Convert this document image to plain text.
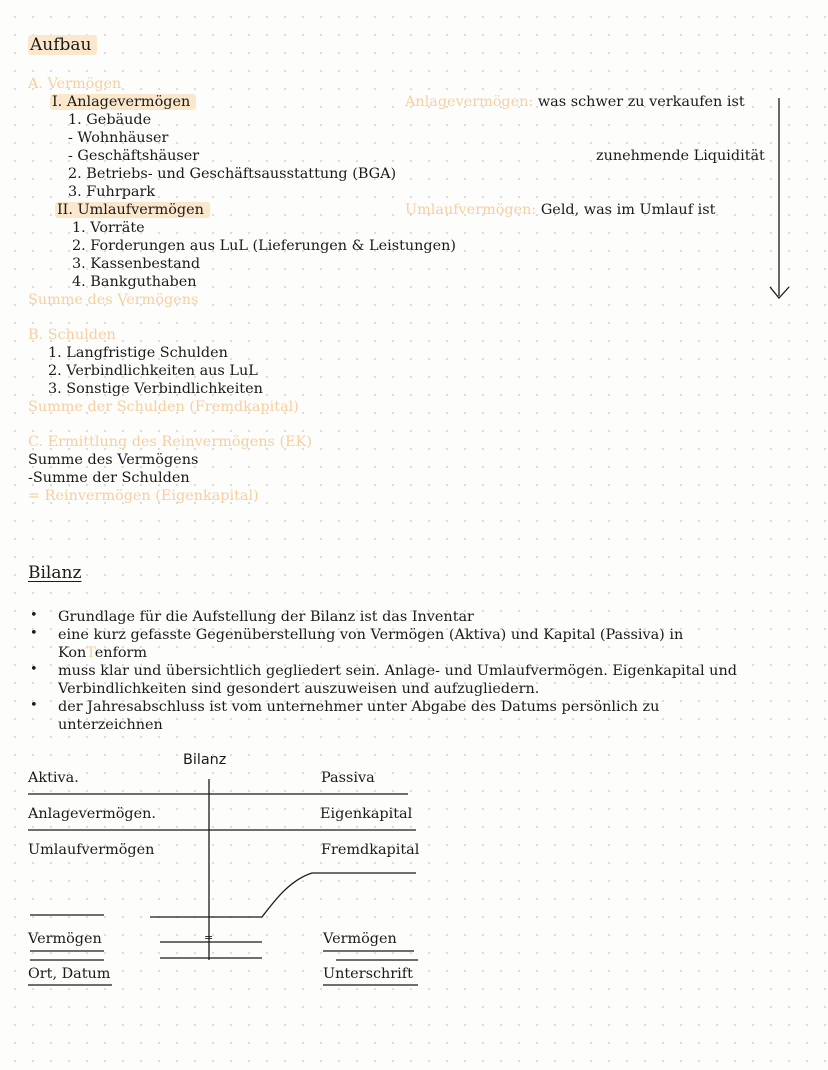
Aufbau
A. Vermögen
I. Anlagevermögen	Anlagevermögen: was schwer zu verkaufen ist
1. Gebäude
- Wohnhäuser
- Geschäftshäuser	zunehmende Liquidität
2. Betriebs- und Geschäftsausstattung (BGA)
3. Fuhrpark
II. Umlaufvermögen	Umlaufvermögen: Geld, was im Umlauf ist
1. Vorräte
2. Forderungen aus LuL (Lieferungen & Leistungen)
3. Kassenbestand
4. Bankguthaben
Summe des Vermögens
B. Schulden
1. Langfristige Schulden
2. Verbindlichkeiten aus LuL
3. Sonstige Verbindlichkeiten
Summe der Schulden (Fremdkapital)
C. Ermittlung des Reinvermögens (EK)
Summe des Vermögens
-Summe der Schulden
= Reinvermögen (Eigenkapital)
Bilanz
• Grundlage für die Aufstellung der Bilanz ist das Inventar
• eine kurz gefasste Gegenüberstellung von Vermögen (Aktiva) und Kapital (Passiva) in
KonTenform
• muss klar und übersichtlich gegliedert sein. Anlage- und Umlaufvermögen. Eigenkapital und
Verbindlichkeiten sind gesondert auszuweisen und aufzugliedern.
• der Jahresabschluss ist vom unternehmer unter Abgabe des Datums persönlich zu
unterzeichnen
Bilanz
Aktiva.	Passiva
Anlagevermögen.	Eigenkapital
Umlaufvermögen	Fremdkapital
=
Vermögen	Vermögen
Ort, Datum	Unterschrift
